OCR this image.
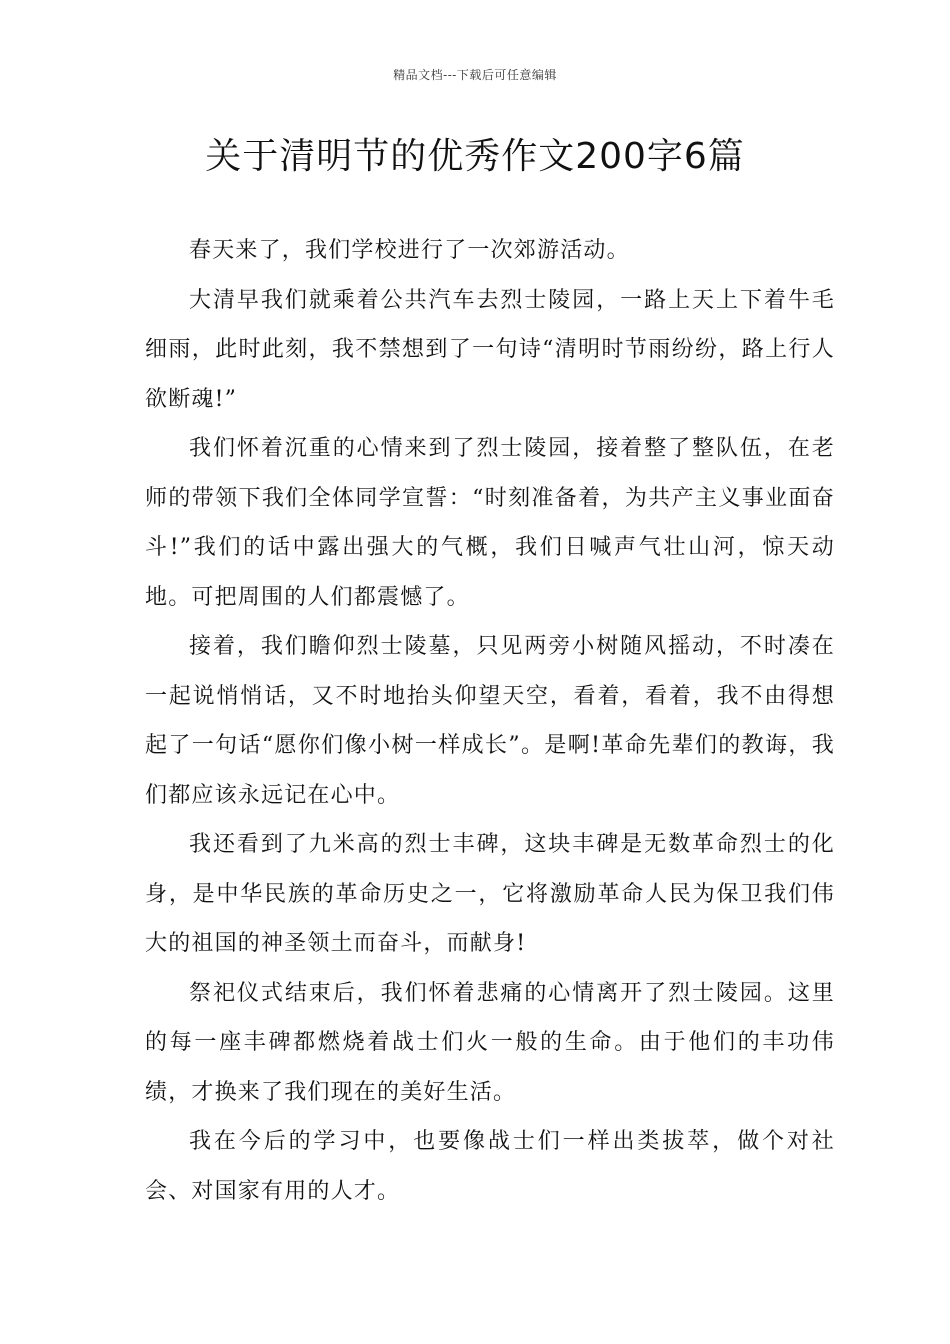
精品文档---下载后可任意编辑
关于清明节的优秀作文200字6篇

春天来了，我们学校进行了一次郊游活动。

大清早我们就乘着公共汽车去烈士陵园，一路上天上下着牛毛细雨，此时此刻，我不禁想到了一句诗“清明时节雨纷纷，路上行人欲断魂!”

我们怀着沉重的心情来到了烈士陵园，接着整了整队伍，在老师的带领下我们全体同学宣誓：“时刻准备着，为共产主义事业面奋斗!”我们的话中露出强大的气概，我们日喊声气壮山河，惊天动地。可把周围的人们都震憾了。

接着，我们瞻仰烈士陵墓，只见两旁小树随风摇动，不时凑在一起说悄悄话，又不时地抬头仰望天空，看着，看着，我不由得想起了一句话“愿你们像小树一样成长”。是啊!革命先辈们的教诲，我们都应该永远记在心中。

我还看到了九米高的烈士丰碑，这块丰碑是无数革命烈士的化身，是中华民族的革命历史之一，它将激励革命人民为保卫我们伟大的祖国的神圣领土而奋斗，而献身!

祭祀仪式结束后，我们怀着悲痛的心情离开了烈士陵园。这里的每一座丰碑都燃烧着战士们火一般的生命。由于他们的丰功伟绩，才换来了我们现在的美好生活。

我在今后的学习中，也要像战士们一样出类拔萃，做个对社会、对国家有用的人才。
